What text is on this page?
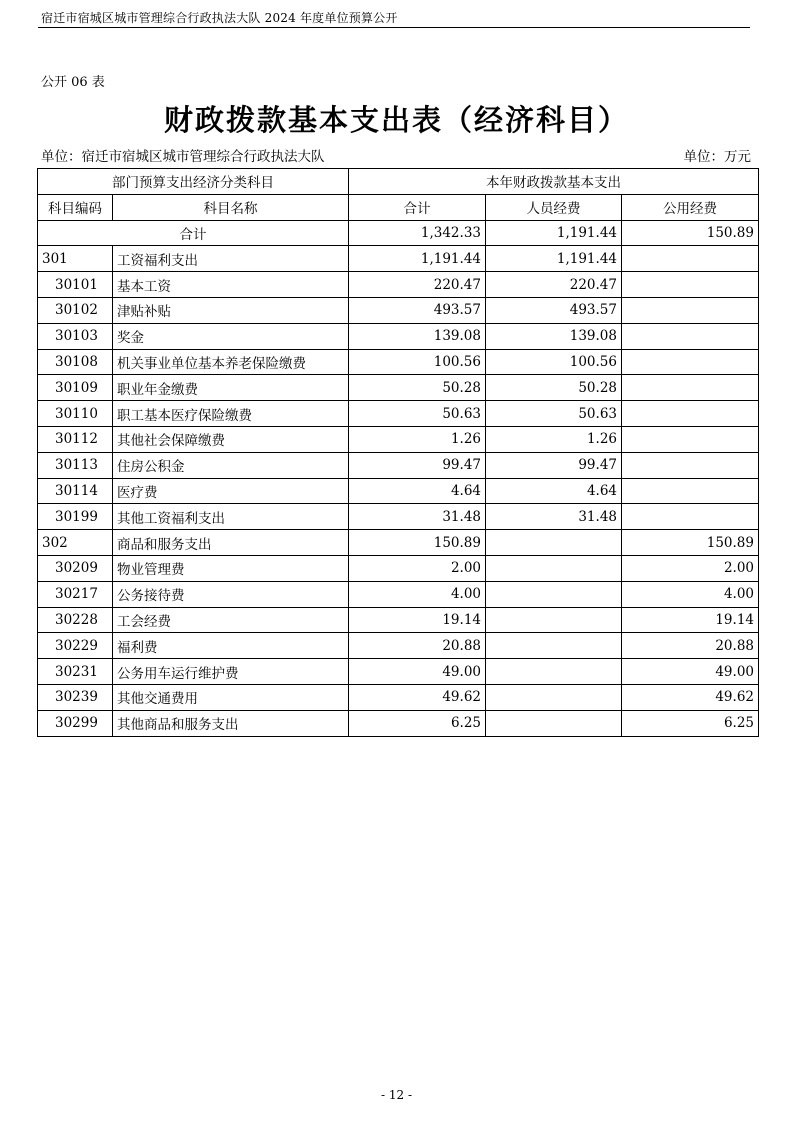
宿迁市宿城区城市管理综合行政执法大队 2024 年度单位预算公开
公开 06 表
财政拨款基本支出表（经济科目）
单位：宿迁市宿城区城市管理综合行政执法大队	单位：万元
部门预算支出经济分类科目		本年财政拨款基本支出		
科目编码	科目名称	合计	人员经费	公用经费
合计		1,342.33	1,191.44	150.89
301	工资福利支出	1,191.44	1,191.44	
30101	基本工资	220.47	220.47	
30102	津贴补贴	493.57	493.57	
30103	奖金	139.08	139.08	
30108	机关事业单位基本养老保险缴费	100.56	100.56	
30109	职业年金缴费	50.28	50.28	
30110	职工基本医疗保险缴费	50.63	50.63	
30112	其他社会保障缴费	1.26	1.26	
30113	住房公积金	99.47	99.47	
30114	医疗费	4.64	4.64	
30199	其他工资福利支出	31.48	31.48	
302	商品和服务支出	150.89		150.89
30209	物业管理费	2.00		2.00
30217	公务接待费	4.00		4.00
30228	工会经费	19.14		19.14
30229	福利费	20.88		20.88
30231	公务用车运行维护费	49.00		49.00
30239	其他交通费用	49.62		49.62
30299	其他商品和服务支出	6.25		6.25
- 12 -
